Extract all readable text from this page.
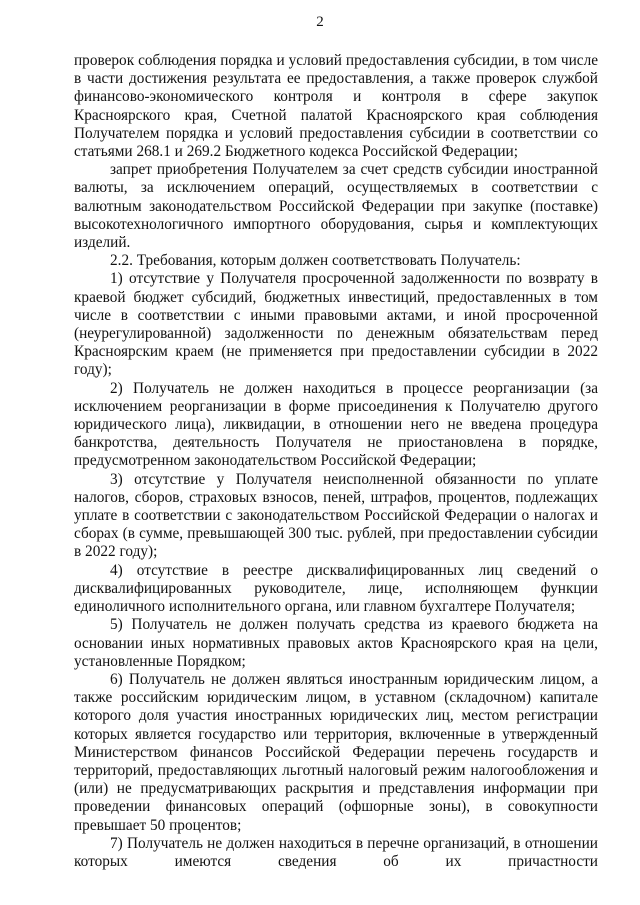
2

проверок соблюдения порядка и условий предоставления субсидии, в том числе в части достижения результата ее предоставления, а также проверок службой финансово-экономического контроля и контроля в сфере закупок Красноярского края, Счетной палатой Красноярского края соблюдения Получателем порядка и условий предоставления субсидии в соответствии со статьями 268.1 и 269.2 Бюджетного кодекса Российской Федерации;

запрет приобретения Получателем за счет средств субсидии иностранной валюты, за исключением операций, осуществляемых в соответствии с валютным законодательством Российской Федерации при закупке (поставке) высокотехнологичного импортного оборудования, сырья и комплектующих изделий.

2.2. Требования, которым должен соответствовать Получатель:

1) отсутствие у Получателя просроченной задолженности по возврату в краевой бюджет субсидий, бюджетных инвестиций, предоставленных в том числе в соответствии с иными правовыми актами, и иной просроченной (неурегулированной) задолженности по денежным обязательствам перед Красноярским краем (не применяется при предоставлении субсидии в 2022 году);

2) Получатель не должен находиться в процессе реорганизации (за исключением реорганизации в форме присоединения к Получателю другого юридического лица), ликвидации, в отношении него не введена процедура банкротства, деятельность Получателя не приостановлена в порядке, предусмотренном законодательством Российской Федерации;

3) отсутствие у Получателя неисполненной обязанности по уплате налогов, сборов, страховых взносов, пеней, штрафов, процентов, подлежащих уплате в соответствии с законодательством Российской Федерации о налогах и сборах (в сумме, превышающей 300 тыс. рублей, при предоставлении субсидии в 2022 году);

4) отсутствие в реестре дисквалифицированных лиц сведений о дисквалифицированных руководителе, лице, исполняющем функции единоличного исполнительного органа, или главном бухгалтере Получателя;

5) Получатель не должен получать средства из краевого бюджета на основании иных нормативных правовых актов Красноярского края на цели, установленные Порядком;

6) Получатель не должен являться иностранным юридическим лицом, а также российским юридическим лицом, в уставном (складочном) капитале которого доля участия иностранных юридических лиц, местом регистрации которых является государство или территория, включенные в утвержденный Министерством финансов Российской Федерации перечень государств и территорий, предоставляющих льготный налоговый режим налогообложения и (или) не предусматривающих раскрытия и представления информации при проведении финансовых операций (офшорные зоны), в совокупности превышает 50 процентов;

7) Получатель не должен находиться в перечне организаций, в отношении которых имеются сведения об их причастности
